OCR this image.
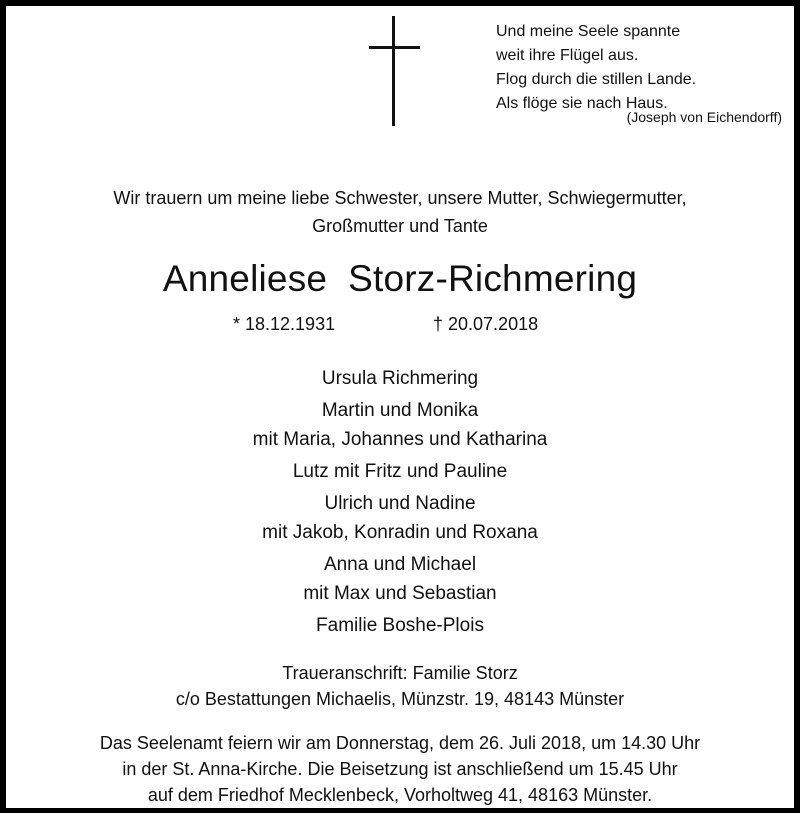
Und meine Seele spannte
weit ihre Flügel aus.
Flog durch die stillen Lande.
Als flöge sie nach Haus.
(Joseph von Eichendorff)
Wir trauern um meine liebe Schwester, unsere Mutter, Schwiegermutter,
Großmutter und Tante
Anneliese  Storz-Richmering
* 18.12.1931	† 20.07.2018
Ursula Richmering
Martin und Monika
mit Maria, Johannes und Katharina
Lutz mit Fritz und Pauline
Ulrich und Nadine
mit Jakob, Konradin und Roxana
Anna und Michael
mit Max und Sebastian
Familie Boshe-Plois
Traueranschrift: Familie Storz
c/o Bestattungen Michaelis, Münzstr. 19, 48143 Münster
Das Seelenamt feiern wir am Donnerstag, dem 26. Juli 2018, um 14.30 Uhr
in der St. Anna-Kirche. Die Beisetzung ist anschließend um 15.45 Uhr
auf dem Friedhof Mecklenbeck, Vorholtweg 41, 48163 Münster.
